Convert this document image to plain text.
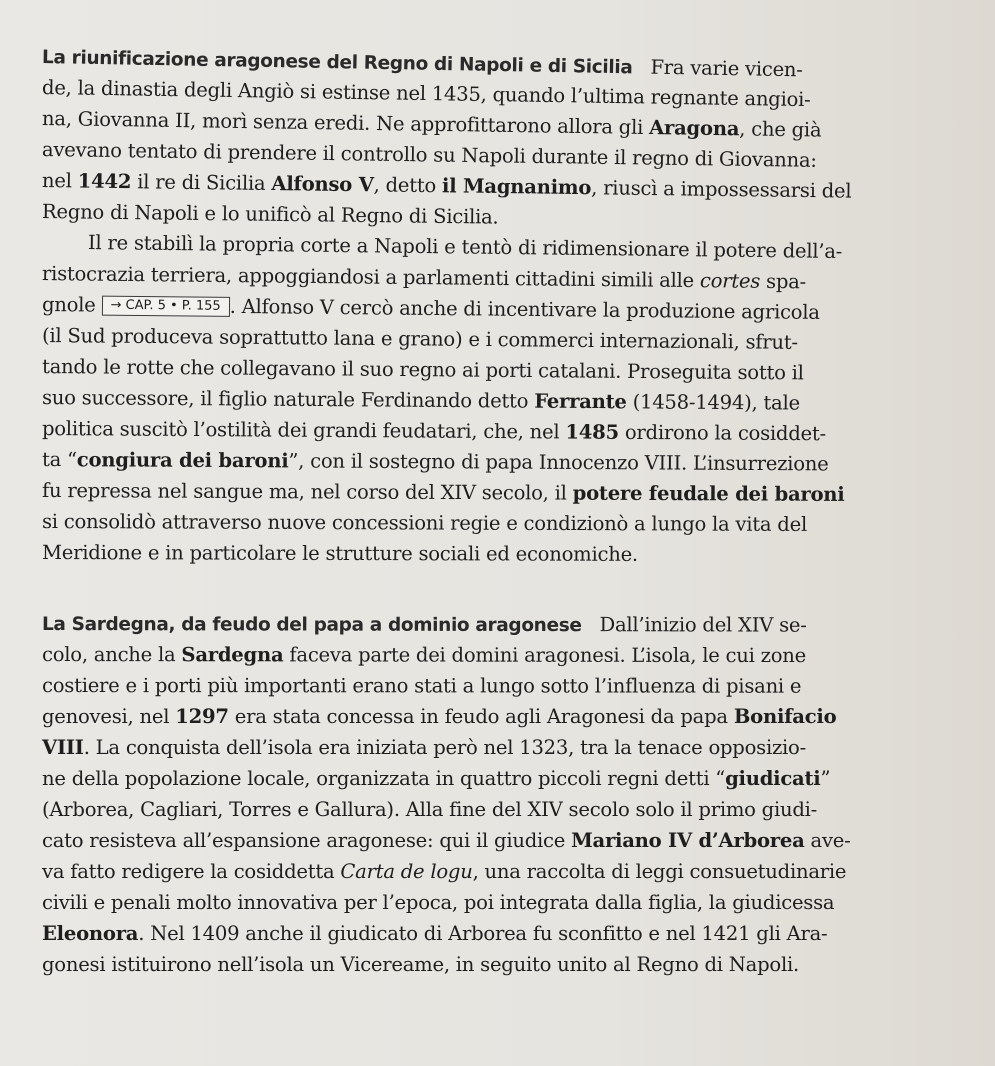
La riunificazione aragonese del Regno di Napoli e di Sicilia Fra varie vicen-
de, la dinastia degli Angiò si estinse nel 1435, quando l’ultima regnante angioi-
na, Giovanna II, morì senza eredi. Ne approfittarono allora gli Aragona, che già
avevano tentato di prendere il controllo su Napoli durante il regno di Giovanna:
nel 1442 il re di Sicilia Alfonso V, detto il Magnanimo, riuscì a impossessarsi del
Regno di Napoli e lo unificò al Regno di Sicilia.
Il re stabilì la propria corte a Napoli e tentò di ridimensionare il potere dell’a-
ristocrazia terriera, appoggiandosi a parlamenti cittadini simili alle cortes spa-
gnole → CAP. 5 • P. 155 . Alfonso V cercò anche di incentivare la produzione agricola
(il Sud produceva soprattutto lana e grano) e i commerci internazionali, sfrut-
tando le rotte che collegavano il suo regno ai porti catalani. Proseguita sotto il
suo successore, il figlio naturale Ferdinando detto Ferrante (1458-1494), tale
politica suscitò l’ostilità dei grandi feudatari, che, nel 1485 ordirono la cosiddet-
ta “congiura dei baroni”, con il sostegno di papa Innocenzo VIII. L’insurrezione
fu repressa nel sangue ma, nel corso del XIV secolo, il potere feudale dei baroni
si consolidò attraverso nuove concessioni regie e condizionò a lungo la vita del
Meridione e in particolare le strutture sociali ed economiche.
La Sardegna, da feudo del papa a dominio aragonese Dall’inizio del XIV se-
colo, anche la Sardegna faceva parte dei domini aragonesi. L’isola, le cui zone
costiere e i porti più importanti erano stati a lungo sotto l’influenza di pisani e
genovesi, nel 1297 era stata concessa in feudo agli Aragonesi da papa Bonifacio
VIII. La conquista dell’isola era iniziata però nel 1323, tra la tenace opposizio-
ne della popolazione locale, organizzata in quattro piccoli regni detti “giudicati”
(Arborea, Cagliari, Torres e Gallura). Alla fine del XIV secolo solo il primo giudi-
cato resisteva all’espansione aragonese: qui il giudice Mariano IV d’Arborea ave-
va fatto redigere la cosiddetta Carta de logu, una raccolta di leggi consuetudinarie
civili e penali molto innovativa per l’epoca, poi integrata dalla figlia, la giudicessa
Eleonora. Nel 1409 anche il giudicato di Arborea fu sconfitto e nel 1421 gli Ara-
gonesi istituirono nell’isola un Vicereame, in seguito unito al Regno di Napoli.
